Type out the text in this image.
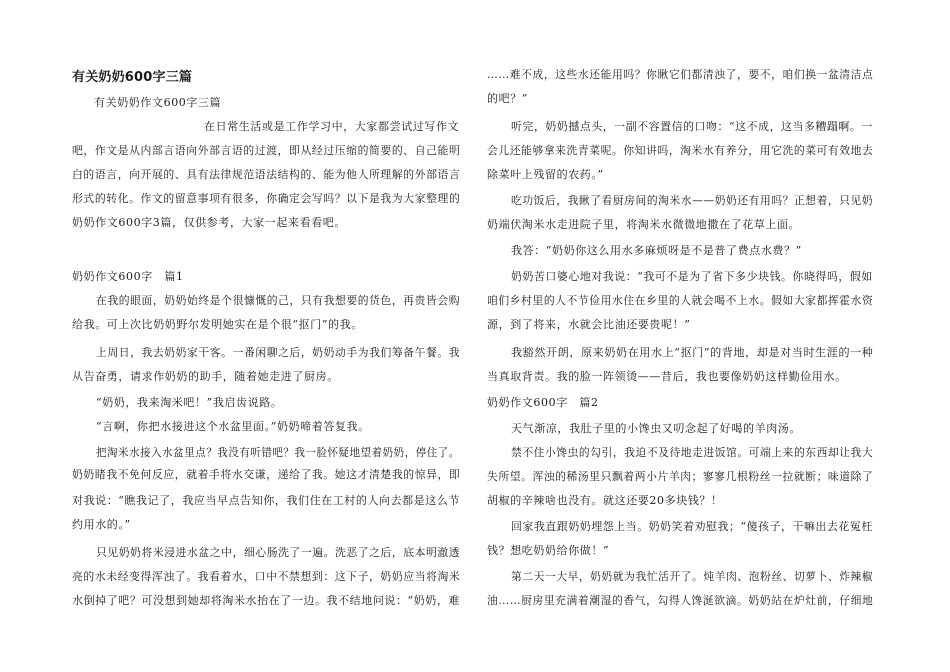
有关奶奶600字三篇
有关奶奶作文600字三篇
在日常生活或是工作学习中，大家都尝试过写作文
吧，作文是从内部言语向外部言语的过渡，即从经过压缩的简要的、自己能明
白的语言，向开展的、具有法律规范语法结构的、能为他人所理解的外部语言
形式的转化。作文的留意事项有很多，你确定会写吗？以下是我为大家整理的
奶奶作文600字3篇，仅供参考，大家一起来看看吧。
奶奶作文600字　篇1
在我的眼面，奶奶始终是个很慷慨的己，只有我想要的货色，再贵皆会购
给我。可上次比奶奶野尔发明她实在是个很“抠门”的我。
上周日，我去奶奶家干客。一番闲聊之后，奶奶动手为我们筹备午餐。我
从告奋勇，请求作奶奶的助手，随着她走进了厨房。
“奶奶，我来淘米吧！”我启齿说路。
“言啊，你把水接进这个水盆里面。”奶奶啼着答复我。
把淘米水接入水盆里点？我没有听错吧？我一脸怀疑地望着奶奶，停住了。
奶奶睹我不免何反应，就着手将水交谦，递给了我。她这才清楚我的惊异，即
对我说：“瞧我记了，我应当早点告知你，我们住在工村的人向去都是这么节
约用水的。”
只见奶奶将米浸进水盆之中，细心肠洗了一遍。洗恶了之后，底本明澈透
亮的水未经变得浑浊了。我看着水，口中不禁想到：这下子，奶奶应当将淘米
水倒掉了吧？可没想到她却将淘米水抬在了一边。我不结地问说：“奶奶，难
……难不成，这些水还能用吗？你瞅它们都清浊了，要不，咱们换一盆清洁点
的吧？”
听完，奶奶撼点头，一副不容置信的口吻：“这不成，这当多糟蹋啊。一
会儿还能够拿来洗青菜呢。你知讲吗，淘米水有养分，用它洗的菜可有效地去
除菜叶上残留的农药。”
吃功饭后，我瞅了看厨房间的淘米水——奶奶还有用吗？正想着，只见奶
奶端伏淘米水走进院子里，将淘米水微微地撒在了花草上面。
我答：“奶奶你这么用水多麻烦呀是不是普了费点水费？”
奶奶苦口婆心地对我说：“我可不是为了省下多少块钱。你晓得吗，假如
咱们乡村里的人不节俭用水住在乡里的人就会喝不上水。假如大家都挥霍水资
源，到了将来，水就会比油还要贵呢！”
我豁然开朗，原来奶奶在用水上“抠门”的背地，却是对当时生涯的一种
当真取背责。我的脸一阵领烫——昔后，我也要像奶奶这样勤俭用水。
奶奶作文600字　篇2
天气渐凉，我肚子里的小馋虫又叨念起了好喝的羊肉汤。
禁不住小馋虫的勾引，我迫不及待地走进饭馆。可端上来的东西却让我大
失所望。浑浊的稀汤里只飘着两小片羊肉；寥寥几根粉丝一拉就断；味道除了
胡椒的辛辣啥也没有。就这还要20多块钱？！
回家我直跟奶奶埋怨上当。奶奶笑着劝慰我；“傻孩子，干嘛出去花冤枉
钱？想吃奶奶给你做！”
第二天一大早，奶奶就为我忙活开了。炖羊肉、泡粉丝、切萝卜、炸辣椒
油……厨房里充满着潮湿的香气，勾得人馋涎欲滴。奶奶站在炉灶前，仔细地
